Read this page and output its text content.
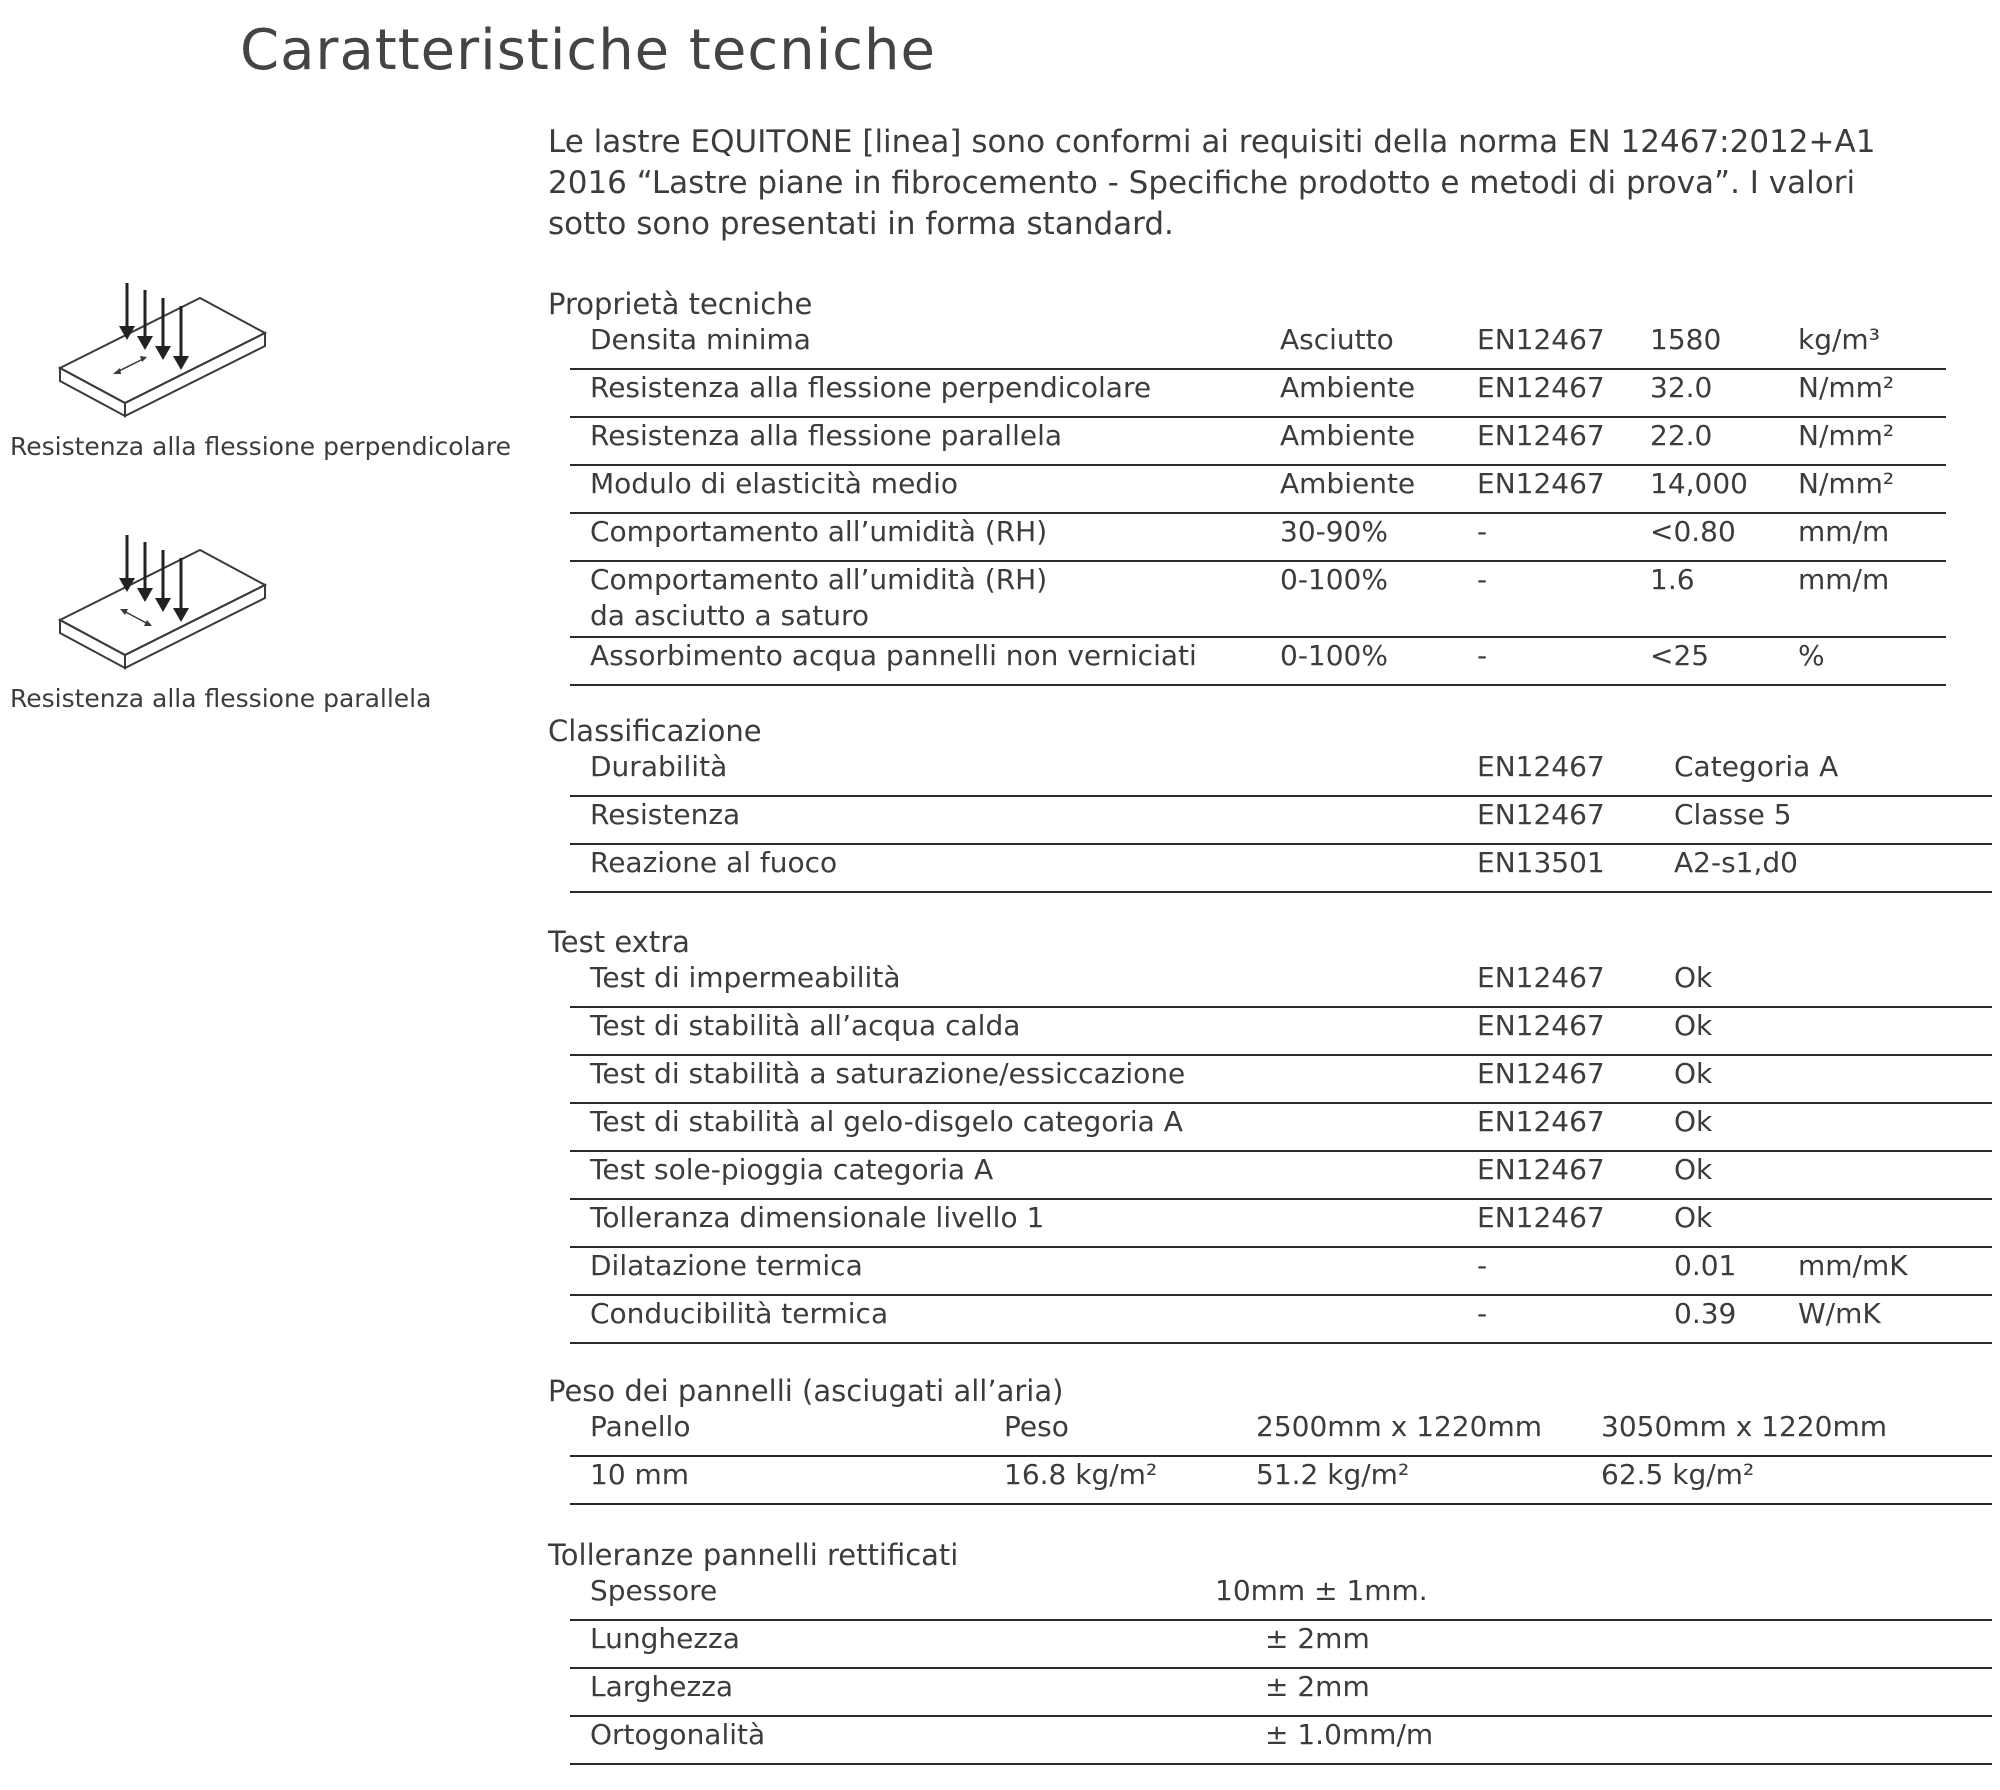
Caratteristiche tecniche

Le lastre EQUITONE [linea] sono conformi ai requisiti della norma EN 12467:2012+A1 2016 “Lastre piane in fibrocemento - Specifiche prodotto e metodi di prova”. I valori sotto sono presentati in forma standard.

Resistenza alla flessione perpendicolare
Resistenza alla flessione parallela
Proprietà tecniche
Densita minima	Asciutto	EN12467 1580	kg/m³
Resistenza alla flessione perpendicolare	Ambiente EN12467 32.0	N/mm²
Resistenza alla flessione parallela	Ambiente EN12467 22.0	N/mm²
Modulo di elasticità medio	Ambiente EN12467 14,000 N/mm²
Comportamento all’umidità (RH)	30-90%	-	<0.80 mm/m
Comportamento all’umidità (RH)
da asciutto a saturo
0-100%	-	1.6	mm/m
Assorbimento acqua pannelli non verniciati	0-100%	-	<25	%
Classificazione
Durabilità	EN12467 Categoria A
Resistenza	EN12467 Classe 5
Reazione al fuoco	EN13501 A2-s1,d0
Test extra
Test di impermeabilità	EN12467 Ok
Test di stabilità all’acqua calda	EN12467 Ok
Test di stabilità a saturazione/essiccazione	EN12467 Ok
Test di stabilità al gelo-disgelo categoria A	EN12467 Ok
Test sole-pioggia categoria A	EN12467 Ok
Tolleranza dimensionale livello 1	EN12467 Ok
Dilatazione termica	-	0.01 mm/mK
Conducibilità termica	-	0.39 W/mK
Peso dei pannelli (asciugati all’aria)
Panello	Peso	2500mm x 1220mm 3050mm x 1220mm
10 mm	16.8 kg/m²	51.2 kg/m²	62.5 kg/m²
Tolleranze pannelli rettificati
Spessore	10mm ± 1mm.
Lunghezza	± 2mm
Larghezza	± 2mm
Ortogonalità	± 1.0mm/m
